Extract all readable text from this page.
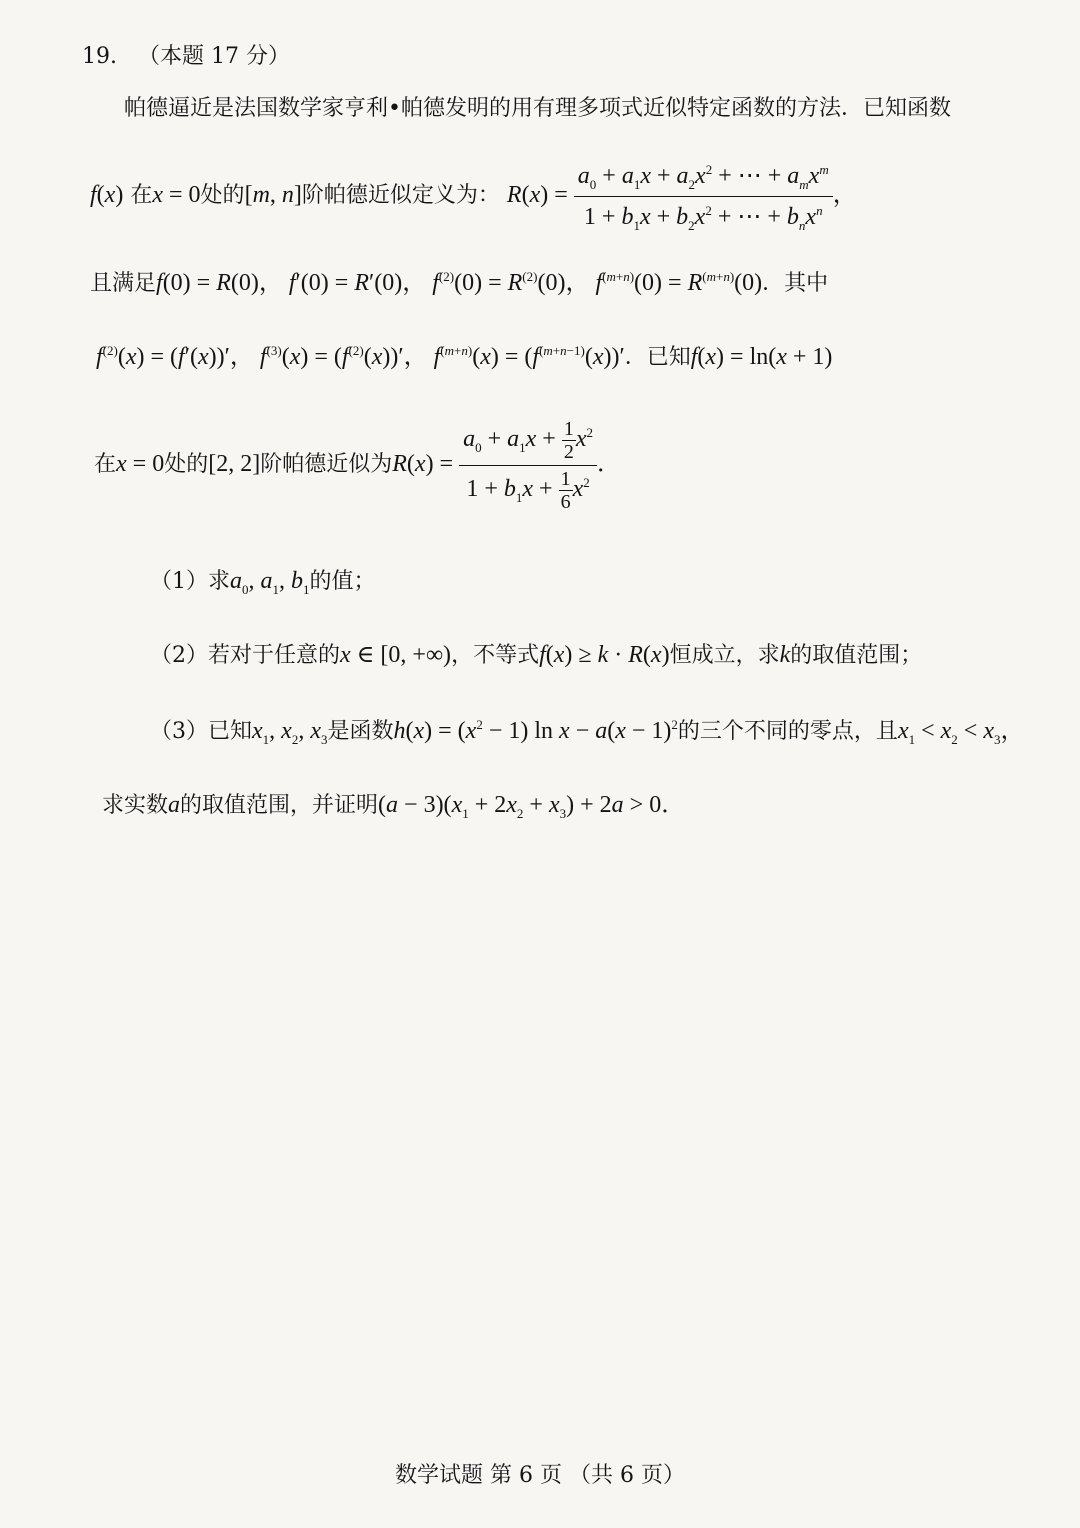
19. （本题 17 分）
帕德逼近是法国数学家亨利•帕德发明的用有理多项式近似特定函数的方法．已知函数
f(x) 在x = 0处的[m, n]阶帕德近似定义为： $R(x) = \frac{a_0 + a_1x + a_2x^2 + \cdots + a_mx^m}{1 + b_1x + b_2x^2 + \cdots + b_nx^n}$ ，
且满足f(0) = R(0)， f′(0) = R′(0)， $f^{(2)}(0) = R^{(2)}(0)$， $f^{(m+n)}(0) = R^{(m+n)}(0)$．其中
$f^{(2)}(x) = (f'(x))'$， $f^{(3)}(x) = (f^{(2)}(x))'$， $f^{(m+n)}(x) = (f^{(m+n-1)}(x))'$．已知f(x) = ln(x + 1)
在x = 0处的[2, 2]阶帕德近似为$R(x) = \frac{a_0 + a_1x + \frac{1}{2} x^2}{1 + b_1x + \frac{1}{6} x^2}$ ．
（1）求$a_0$, $a_1$, $b_1$的值；
（2）若对于任意的x ∈ [0, +∞)，不等式f(x) ≥ k · R(x)恒成立，求k的取值范围；
（3）已知$x_1$, $x_2$, $x_3$是函数$h(x) = (x^2 - 1)$ $\ln x - a(x - 1)^2$的三个不同的零点，且$x_1 < x_2 < x_3$，
求实数a的取值范围，并证明$(a - 3)(x_1 + 2x_2 + x_3) + 2a > 0$．
数学试题 第 6 页 （共 6 页）
